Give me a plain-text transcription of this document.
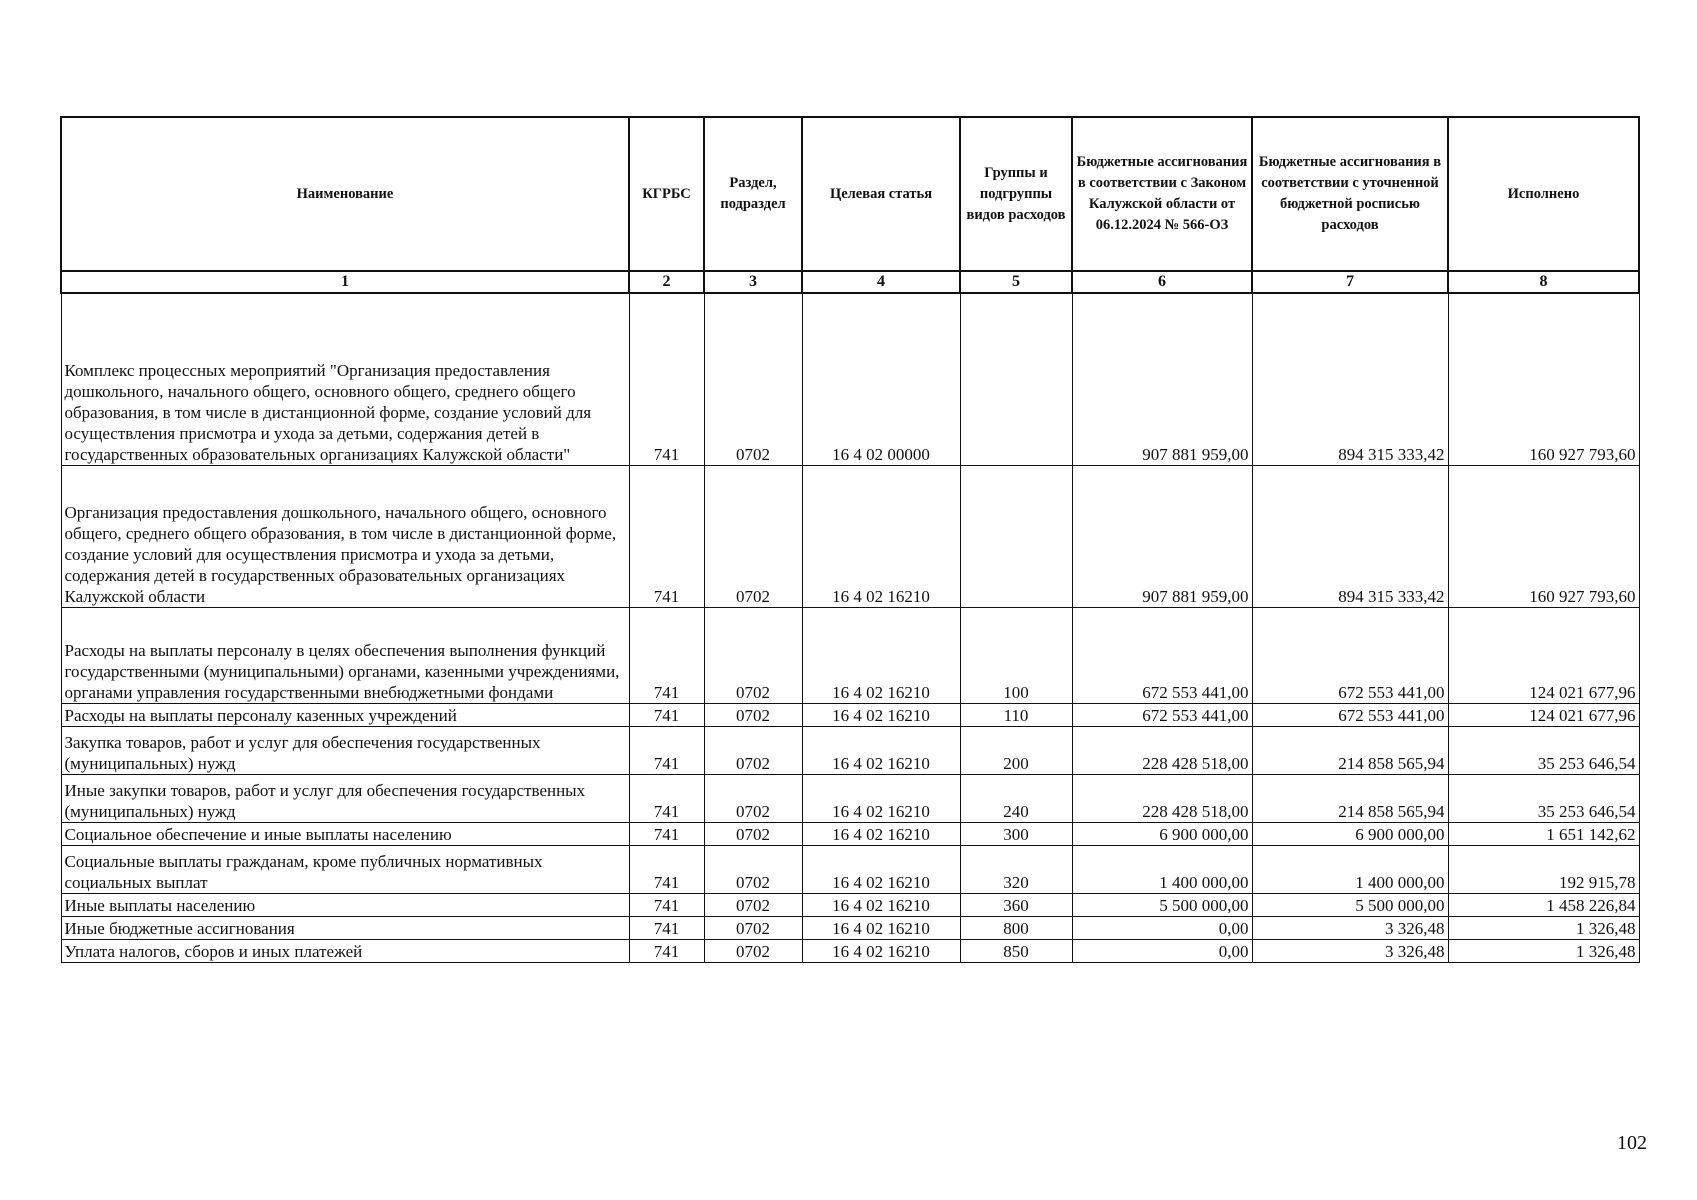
Наименование	КГРБС	Раздел, подраздел	Целевая статья	Группы и подгруппы видов расходов	Бюджетные ассигнования в соответствии с Законом Калужской области от 06.12.2024 № 566-ОЗ	Бюджетные ассигнования в соответствии с уточненной бюджетной росписью расходов	Исполнено
1	2	3	4	5	6	7	8
Комплекс процессных мероприятий "Организация предоставления дошкольного, начального общего, основного общего, среднего общего образования, в том числе в дистанционной форме, создание условий для осуществления присмотра и ухода за детьми, содержания детей в государственных образовательных организациях Калужской области"	741	0702	16 4 02 00000		907 881 959,00	894 315 333,42	160 927 793,60
Организация предоставления дошкольного, начального общего, основного общего, среднего общего образования, в том числе в дистанционной форме, создание условий для осуществления присмотра и ухода за детьми, содержания детей в государственных образовательных организациях Калужской области	741	0702	16 4 02 16210		907 881 959,00	894 315 333,42	160 927 793,60
Расходы на выплаты персоналу в целях обеспечения выполнения функций государственными (муниципальными) органами, казенными учреждениями, органами управления государственными внебюджетными фондами	741	0702	16 4 02 16210	100	672 553 441,00	672 553 441,00	124 021 677,96
Расходы на выплаты персоналу казенных учреждений	741	0702	16 4 02 16210	110	672 553 441,00	672 553 441,00	124 021 677,96
Закупка товаров, работ и услуг для обеспечения государственных (муниципальных) нужд	741	0702	16 4 02 16210	200	228 428 518,00	214 858 565,94	35 253 646,54
Иные закупки товаров, работ и услуг для обеспечения государственных (муниципальных) нужд	741	0702	16 4 02 16210	240	228 428 518,00	214 858 565,94	35 253 646,54
Социальное обеспечение и иные выплаты населению	741	0702	16 4 02 16210	300	6 900 000,00	6 900 000,00	1 651 142,62
Социальные выплаты гражданам, кроме публичных нормативных социальных выплат	741	0702	16 4 02 16210	320	1 400 000,00	1 400 000,00	192 915,78
Иные выплаты населению	741	0702	16 4 02 16210	360	5 500 000,00	5 500 000,00	1 458 226,84
Иные бюджетные ассигнования	741	0702	16 4 02 16210	800	0,00	3 326,48	1 326,48
Уплата налогов, сборов и иных платежей	741	0702	16 4 02 16210	850	0,00	3 326,48	1 326,48
102
